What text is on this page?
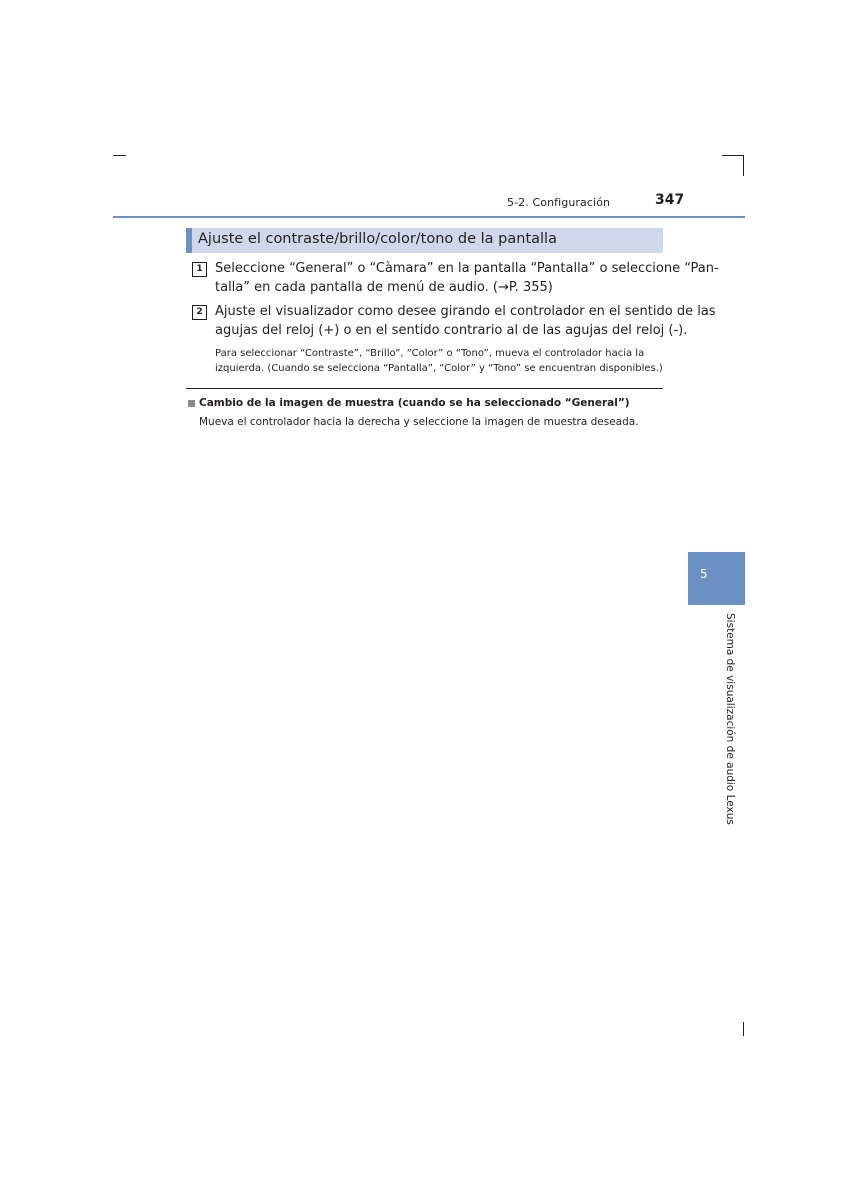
5-2. Configuración	347
Ajuste el contraste/brillo/color/tono de la pantalla
1 Seleccione “General” o “Càmara” en la pantalla “Pantalla” o seleccione “Pan-
talla” en cada pantalla de menú de audio. (→P. 355)
2 Ajuste el visualizador como desee girando el controlador en el sentido de las
agujas del reloj (+) o en el sentido contrario al de las agujas del reloj (-).
Para seleccionar “Contraste”, “Brillo”, “Color” o “Tono”, mueva el controlador hacia la
izquierda. (Cuando se selecciona “Pantalla”, “Color” y “Tono” se encuentran disponibles.)
Cambio de la imagen de muestra (cuando se ha seleccionado “General”)
Mueva el controlador hacia la derecha y seleccione la imagen de muestra deseada.
5
Sistema de visualización de audio Lexus
